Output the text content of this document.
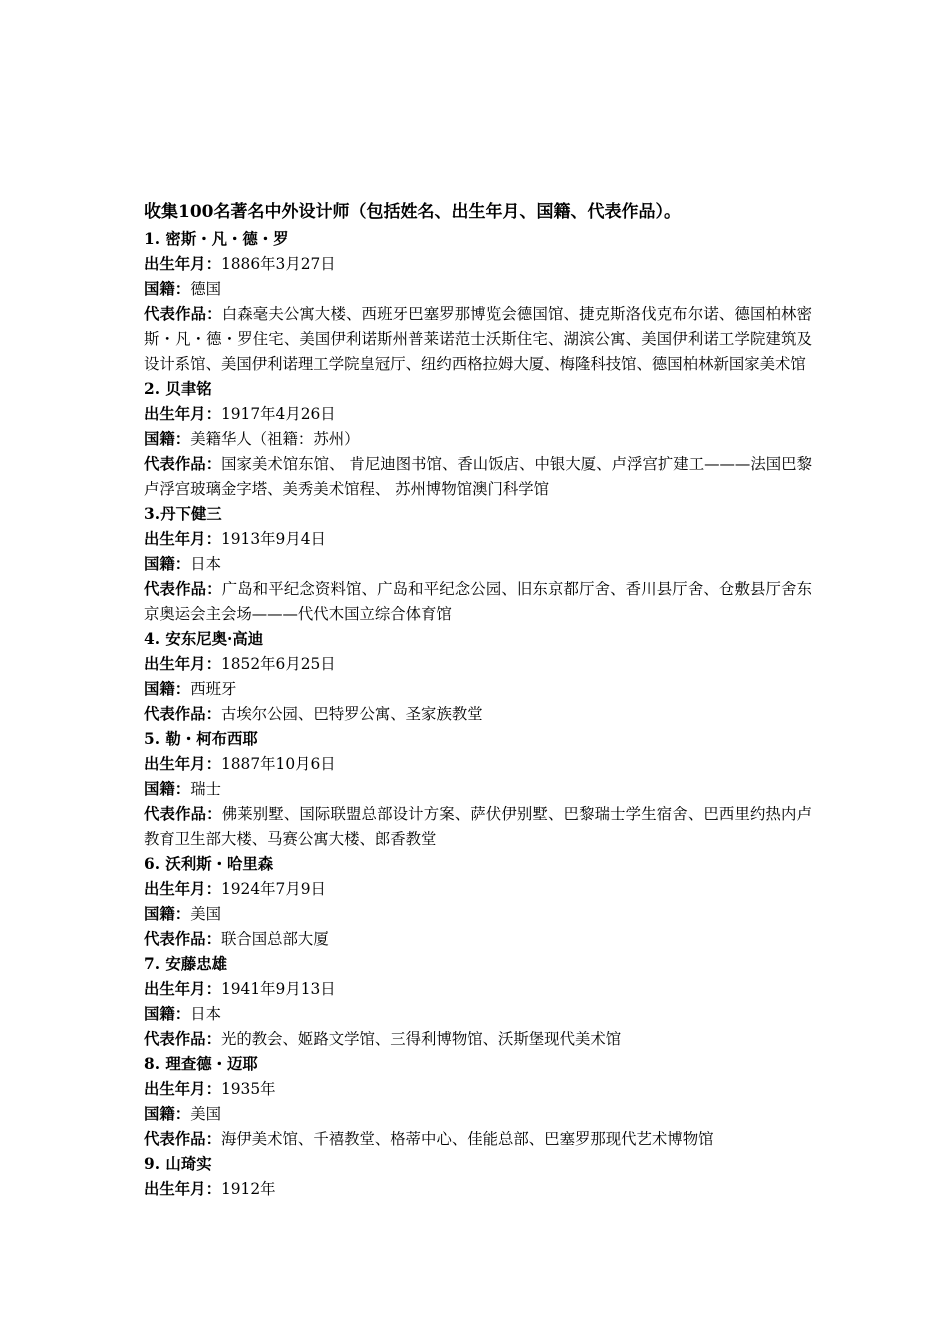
收集100名著名中外设计师（包括姓名、出生年月、国籍、代表作品）。
1. 密斯・凡・德・罗
出生年月：1886年3月27日
国籍：德国
代表作品：白森毫夫公寓大楼、西班牙巴塞罗那博览会德国馆、捷克斯洛伐克布尔诺、德国柏林密斯・凡・德・罗住宅、美国伊利诺斯州普莱诺范士沃斯住宅、湖滨公寓、美国伊利诺工学院建筑及设计系馆、美国伊利诺理工学院皇冠厅、纽约西格拉姆大厦、梅隆科技馆、德国柏林新国家美术馆
2. 贝聿铭
出生年月：1917年4月26日
国籍：美籍华人（祖籍：苏州）
代表作品：国家美术馆东馆、 肯尼迪图书馆、香山饭店、中银大厦、卢浮宫扩建工———法国巴黎卢浮宫玻璃金字塔、美秀美术馆程、 苏州博物馆澳门科学馆
3.丹下健三
出生年月：1913年9月4日
国籍：日本
代表作品：广岛和平纪念资料馆、广岛和平纪念公园、旧东京都厅舍、香川县厅舍、仓敷县厅舍东京奥运会主会场———代代木国立综合体育馆
4. 安东尼奥·高迪
出生年月：1852年6月25日
国籍：西班牙
代表作品：古埃尔公园、巴特罗公寓、圣家族教堂
5. 勒・柯布西耶
出生年月：1887年10月6日
国籍：瑞士
代表作品：佛莱别墅、国际联盟总部设计方案、萨伏伊别墅、巴黎瑞士学生宿舍、巴西里约热内卢教育卫生部大楼、马赛公寓大楼、郎香教堂
6. 沃利斯・哈里森
出生年月：1924年7月9日
国籍：美国
代表作品：联合国总部大厦
7. 安藤忠雄
出生年月：1941年9月13日
国籍：日本
代表作品：光的教会、姬路文学馆、三得利博物馆、沃斯堡现代美术馆
8. 理查德・迈耶
出生年月：1935年
国籍：美国
代表作品：海伊美术馆、千禧教堂、格蒂中心、佳能总部、巴塞罗那现代艺术博物馆
9. 山琦实
出生年月：1912年
